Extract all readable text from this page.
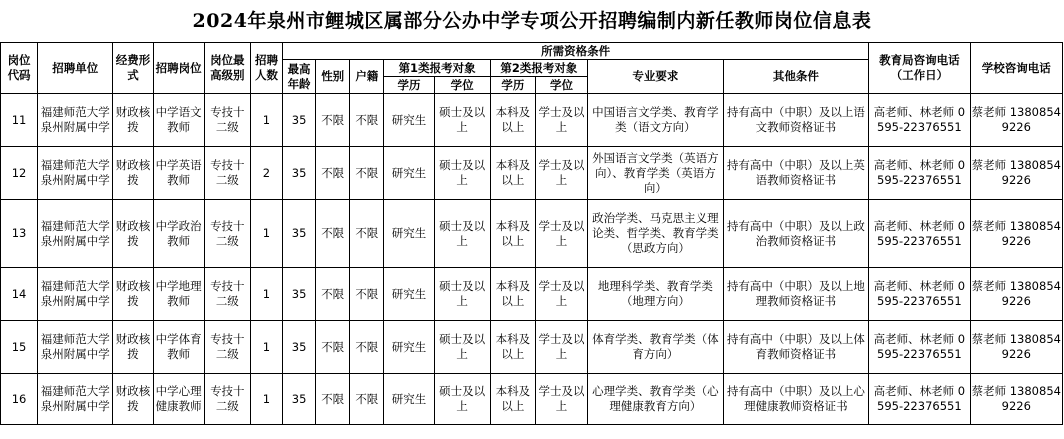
2024年泉州市鲤城区属部分公办中学专项公开招聘编制内新任教师岗位信息表
岗位代码	招聘单位	经费形式	招聘岗位	岗位最高级别	招聘人数	所需资格条件									教育局咨询电话（工作日）	学校咨询电话
						最高年龄	性别	户籍	第1类报考对象		第2类报考对象		专业要求	其他条件		
									学历	学位	学历	学位				
11	福建师范大学泉州附属中学	财政核拨	中学语文教师	专技十二级	1	35	不限	不限	研究生	硕士及以上	本科及以上	学士及以上	中国语言文学类、教育学类（语文方向）	持有高中（中职）及以上语文教师资格证书	高老师、林老师 0595-22376551	蔡老师 13808549226
12	福建师范大学泉州附属中学	财政核拨	中学英语教师	专技十二级	2	35	不限	不限	研究生	硕士及以上	本科及以上	学士及以上	外国语言文学类（英语方向）、教育学类（英语方向）	持有高中（中职）及以上英语教师资格证书	高老师、林老师 0595-22376551	蔡老师 13808549226
13	福建师范大学泉州附属中学	财政核拨	中学政治教师	专技十二级	1	35	不限	不限	研究生	硕士及以上	本科及以上	学士及以上	政治学类、马克思主义理论类、哲学类、教育学类（思政方向）	持有高中（中职）及以上政治教师资格证书	高老师、林老师 0595-22376551	蔡老师 13808549226
14	福建师范大学泉州附属中学	财政核拨	中学地理教师	专技十二级	1	35	不限	不限	研究生	硕士及以上	本科及以上	学士及以上	地理科学类、教育学类（地理方向）	持有高中（中职）及以上地理教师资格证书	高老师、林老师 0595-22376551	蔡老师 13808549226
15	福建师范大学泉州附属中学	财政核拨	中学体育教师	专技十二级	1	35	不限	不限	研究生	硕士及以上	本科及以上	学士及以上	体育学类、教育学类（体育方向）	持有高中（中职）及以上体育教师资格证书	高老师、林老师 0595-22376551	蔡老师 13808549226
16	福建师范大学泉州附属中学	财政核拨	中学心理健康教师	专技十二级	1	35	不限	不限	研究生	硕士及以上	本科及以上	学士及以上	心理学类、教育学类（心理健康教育方向）	持有高中（中职）及以上心理健康教师资格证书	高老师、林老师 0595-22376551	蔡老师 13808549226
